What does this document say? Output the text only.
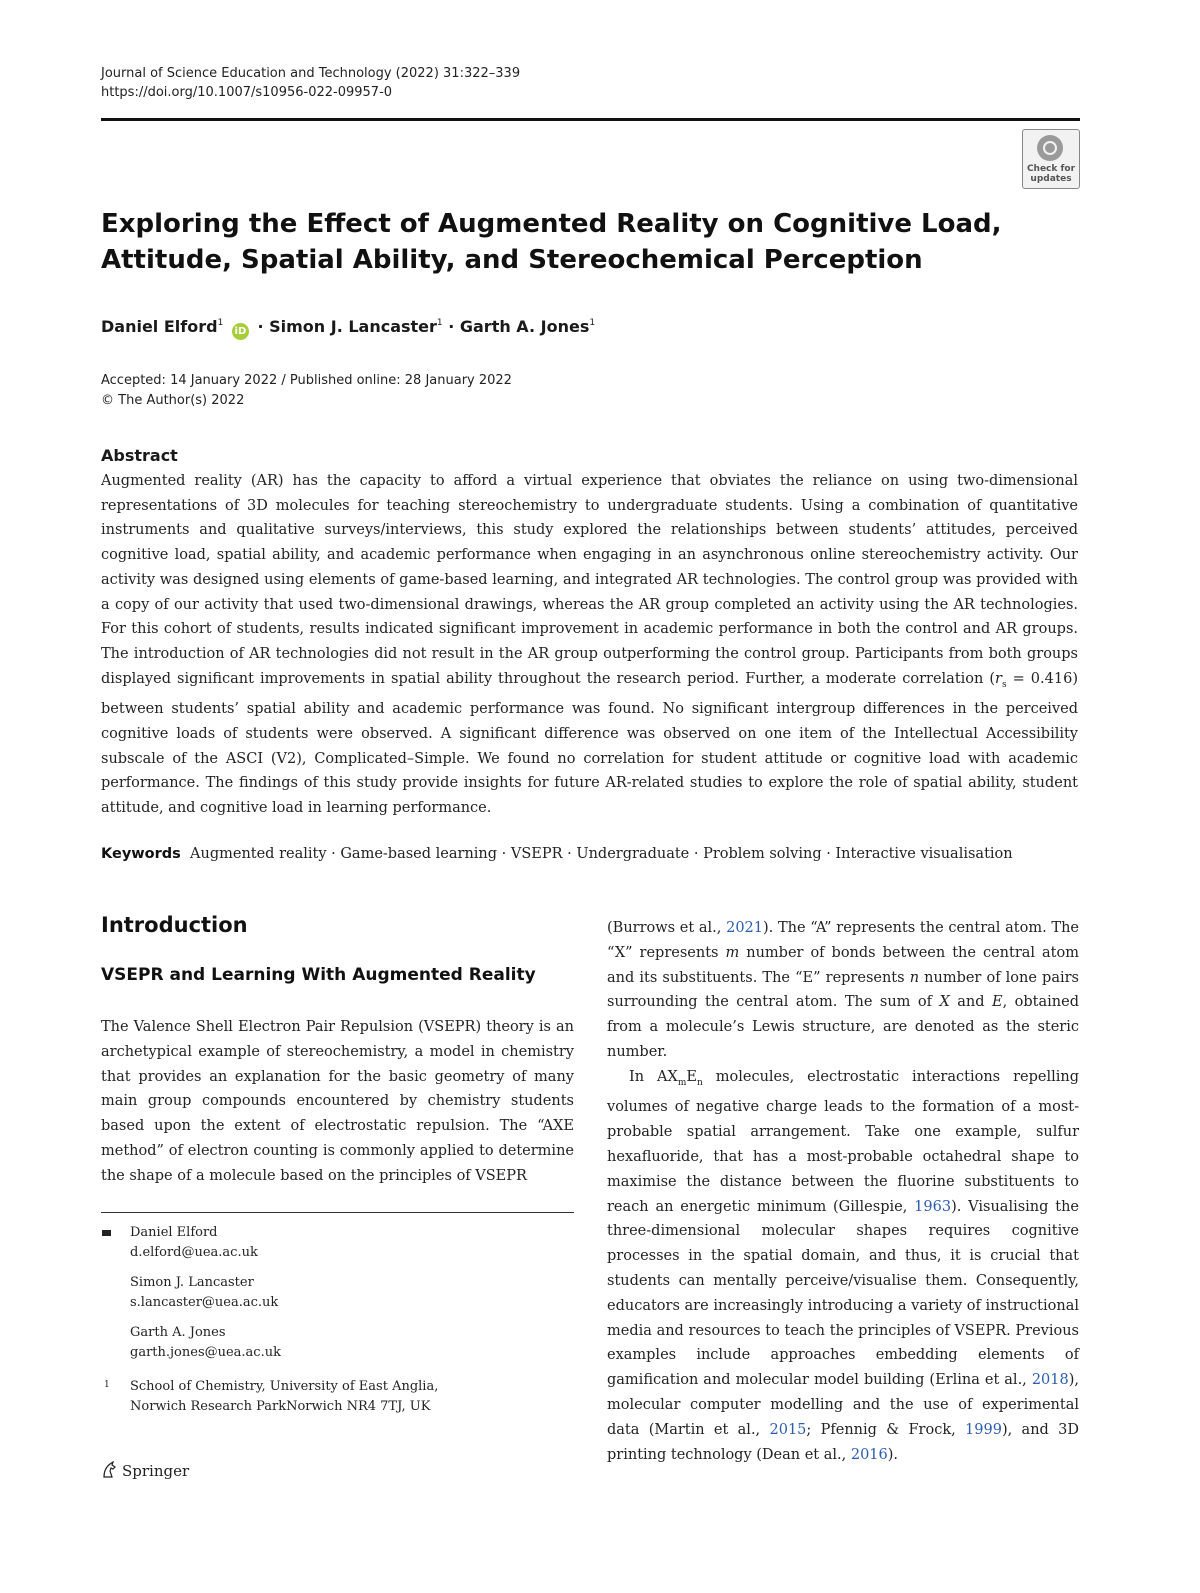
Journal of Science Education and Technology (2022) 31:322–339
https://doi.org/10.1007/s10956-022-09957-0
Check for updates
Exploring the Effect of Augmented Reality on Cognitive Load, Attitude, Spatial Ability, and Stereochemical Perception
Daniel Elford$^1$ iD · Simon J. Lancaster$^1$ · Garth A. Jones$^1$
Accepted: 14 January 2022 / Published online: 28 January 2022
© The Author(s) 2022
Abstract
Augmented reality (AR) has the capacity to afford a virtual experience that obviates the reliance on using two-dimensional representations of 3D molecules for teaching stereochemistry to undergraduate students. Using a combination of quantitative instruments and qualitative surveys/interviews, this study explored the relationships between students’ attitudes, perceived cognitive load, spatial ability, and academic performance when engaging in an asynchronous online stereochemistry activity. Our activity was designed using elements of game-based learning, and integrated AR technologies. The control group was provided with a copy of our activity that used two-dimensional drawings, whereas the AR group completed an activity using the AR technologies. For this cohort of students, results indicated significant improvement in academic performance in both the control and AR groups. The introduction of AR technologies did not result in the AR group outperforming the control group. Participants from both groups displayed significant improvements in spatial ability throughout the research period. Further, a moderate correlation $(r_s = 0.416)$ between students’ spatial ability and academic performance was found. No significant intergroup differences in the perceived cognitive loads of students were observed. A significant difference was observed on one item of the Intellectual Accessibility subscale of the ASCI (V2), Complicated–Simple. We found no correlation for student attitude or cognitive load with academic performance. The findings of this study provide insights for future AR-related studies to explore the role of spatial ability, student attitude, and cognitive load in learning performance.
Keywords Augmented reality · Game-based learning · VSEPR · Undergraduate · Problem solving · Interactive visualisation
Introduction
VSEPR and Learning With Augmented Reality

The Valence Shell Electron Pair Repulsion (VSEPR) theory is an archetypical example of stereochemistry, a model in chemistry that provides an explanation for the basic geometry of many main group compounds encountered by chemistry students based upon the extent of electrostatic repulsion. The “AXE method” of electron counting is commonly applied to determine the shape of a molecule based on the principles of VSEPR

(Burrows et al., 2021). The “A” represents the central atom. The “X” represents m number of bonds between the central atom and its substituents. The “E” represents n number of lone pairs surrounding the central atom. The sum of X and E, obtained from a molecule’s Lewis structure, are denoted as the steric number.

In $AX_mE_n$ molecules, electrostatic interactions repelling volumes of negative charge leads to the formation of a most-probable spatial arrangement. Take one example, sulfur hexafluoride, that has a most-probable octahedral shape to maximise the distance between the fluorine substituents to reach an energetic minimum (Gillespie, 1963). Visualising the three-dimensional molecular shapes requires cognitive processes in the spatial domain, and thus, it is crucial that students can mentally perceive/visualise them. Consequently, educators are increasingly introducing a variety of instructional media and resources to teach the principles of VSEPR. Previous examples include approaches embedding elements of gamification and molecular model building (Erlina et al., 2018), molecular computer modelling and the use of experimental data (Martin et al., 2015; Pfennig & Frock, 1999), and 3D printing technology (Dean et al., 2016).

Daniel Elford
d.elford@uea.ac.uk
Simon J. Lancaster
s.lancaster@uea.ac.uk
Garth A. Jones
garth.jones@uea.ac.uk
1 School of Chemistry, University of East Anglia,
Norwich Research ParkNorwich NR4 7TJ, UK
Springer
